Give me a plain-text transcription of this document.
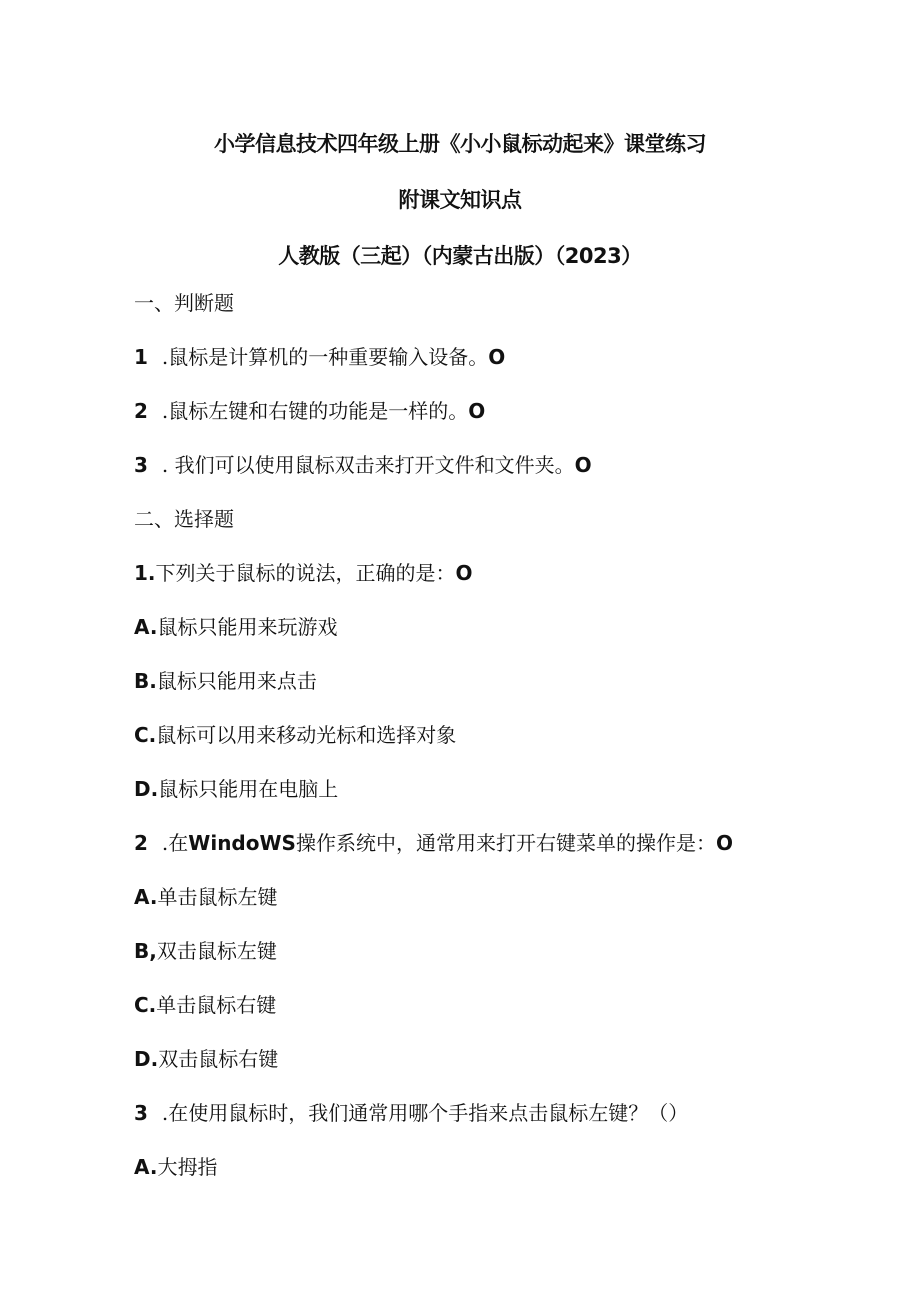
小学信息技术四年级上册《小小鼠标动起来》课堂练习
附课文知识点
人教版（三起）（内蒙古出版）（2023）
一、判断题
1 .鼠标是计算机的一种重要输入设备。O
2 .鼠标左键和右键的功能是一样的。O
3 . 我们可以使用鼠标双击来打开文件和文件夹。O
二、选择题
1.下列关于鼠标的说法，正确的是：O
A.鼠标只能用来玩游戏
B.鼠标只能用来点击
C.鼠标可以用来移动光标和选择对象
D.鼠标只能用在电脑上
2 .在WindoWS操作系统中，通常用来打开右键菜单的操作是：O
A.单击鼠标左键
B,双击鼠标左键
C.单击鼠标右键
D.双击鼠标右键
3 .在使用鼠标时，我们通常用哪个手指来点击鼠标左键？（）
A.大拇指
